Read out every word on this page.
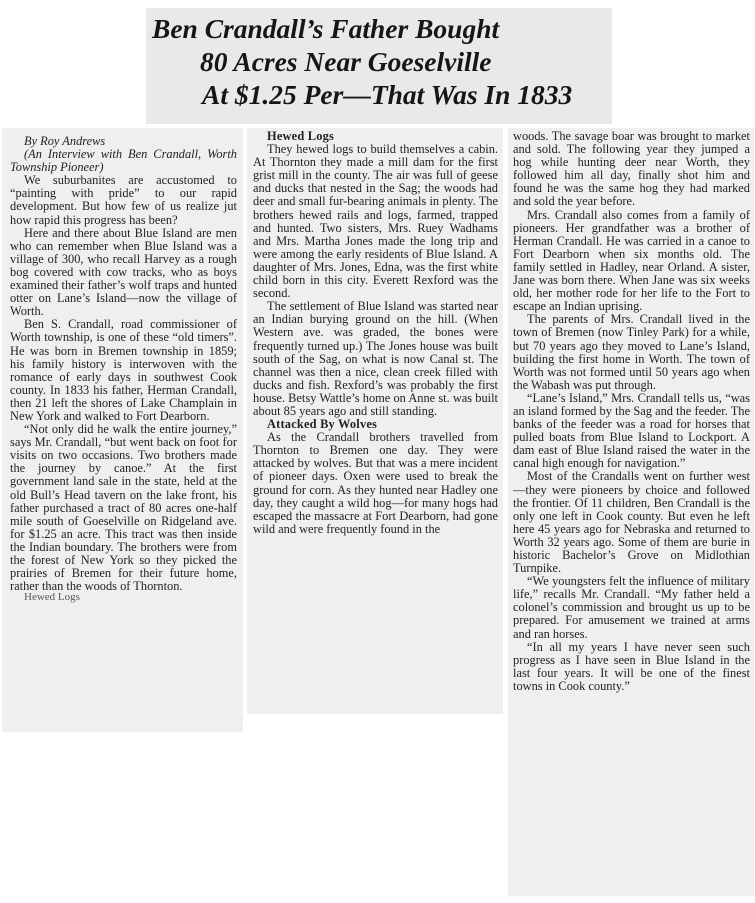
Ben Crandall’s Father Bought
80 Acres Near Goeselville
At $1.25 Per—That Was In 1833

By Roy Andrews

(An Interview with Ben Crandall, Worth Township Pioneer)

We suburbanites are accustomed to “painting with pride” to our rapid development. But how few of us realize jut how rapid this progress has been?

Here and there about Blue Island are men who can remember when Blue Island was a village of 300, who recall Harvey as a rough bog covered with cow tracks, who as boys examined their father’s wolf traps and hunted otter on Lane’s Island—now the village of Worth.

Ben S. Crandall, road commissioner of Worth township, is one of these “old timers”. He was born in Bremen township in 1859; his family history is interwoven with the romance of early days in southwest Cook county. In 1833 his father, Herman Crandall, then 21 left the shores of Lake Champlain in New York and walked to Fort Dearborn.

“Not only did he walk the entire journey,” says Mr. Crandall, “but went back on foot for visits on two occasions. Two brothers made the journey by canoe.” At the first government land sale in the state, held at the old Bull’s Head tavern on the lake front, his father purchased a tract of 80 acres one-half mile south of Goeselville on Ridgeland ave. for $1.25 an acre. This tract was then inside the Indian boundary. The brothers were from the forest of New York so they picked the prairies of Bremen for their future home, rather than the woods of Thornton.

Hewed Logs

Hewed Logs

They hewed logs to build themselves a cabin. At Thornton they made a mill dam for the first grist mill in the county. The air was full of geese and ducks that nested in the Sag; the woods had deer and small fur-bearing animals in plenty. The brothers hewed rails and logs, farmed, trapped and hunted. Two sisters, Mrs. Ruey Wadhams and Mrs. Martha Jones made the long trip and were among the early residents of Blue Island. A daughter of Mrs. Jones, Edna, was the first white child born in this city. Everett Rexford was the second.

The settlement of Blue Island was started near an Indian burying ground on the hill. (When Western ave. was graded, the bones were frequently turned up.) The Jones house was built south of the Sag, on what is now Canal st. The channel was then a nice, clean creek filled with ducks and fish. Rexford’s was probably the first house. Betsy Wattle’s home on Anne st. was built about 85 years ago and still standing.

Attacked By Wolves

As the Crandall brothers travelled from Thornton to Bremen one day. They were attacked by wolves. But that was a mere incident of pioneer days. Oxen were used to break the ground for corn. As they hunted near Hadley one day, they caught a wild hog—for many hogs had escaped the massacre at Fort Dearborn, had gone wild and were frequently found in the

woods. The savage boar was brought to market and sold. The following year they jumped a hog while hunting deer near Worth, they followed him all day, finally shot him and found he was the same hog they had marked and sold the year before.

Mrs. Crandall also comes from a family of pioneers. Her grandfather was a brother of Herman Crandall. He was carried in a canoe to Fort Dearborn when six months old. The family settled in Hadley, near Orland. A sister, Jane was born there. When Jane was six weeks old, her mother rode for her life to the Fort to escape an Indian uprising.

The parents of Mrs. Crandall lived in the town of Bremen (now Tinley Park) for a while, but 70 years ago they moved to Lane’s Island, building the first home in Worth. The town of Worth was not formed until 50 years ago when the Wabash was put through.

“Lane’s Island,” Mrs. Crandall tells us, “was an island formed by the Sag and the feeder. The banks of the feeder was a road for horses that pulled boats from Blue Island to Lockport. A dam east of Blue Island raised the water in the canal high enough for navigation.”

Most of the Crandalls went on further west—they were pioneers by choice and followed the frontier. Of 11 children, Ben Crandall is the only one left in Cook county. But even he left here 45 years ago for Nebraska and returned to Worth 32 years ago. Some of them are burie in historic Bachelor’s Grove on Midlothian Turnpike.

“We youngsters felt the influence of military life,” recalls Mr. Crandall. “My father held a colonel’s commission and brought us up to be prepared. For amusement we trained at arms and ran horses.

“In all my years I have never seen such progress as I have seen in Blue Island in the last four years. It will be one of the finest towns in Cook county.”
